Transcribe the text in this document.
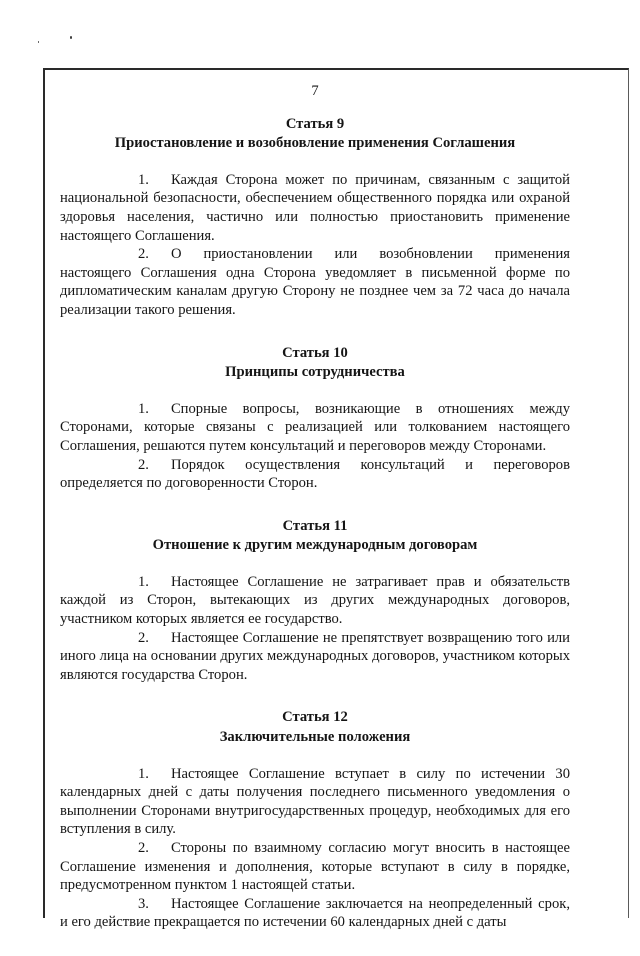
7
Статья 9
Приостановление и возобновление применения Соглашения

1. Каждая Сторона может по причинам, связанным с защитой национальной безопасности, обеспечением общественного порядка или охраной здоровья населения, частично или полностью приостановить применение настоящего Соглашения.

2. О приостановлении или возобновлении применения настоящего Соглашения одна Сторона уведомляет в письменной форме по дипломатическим каналам другую Сторону не позднее чем за 72 часа до начала реализации такого решения.

Статья 10
Принципы сотрудничества

1. Спорные вопросы, возникающие в отношениях между Сторонами, которые связаны с реализацией или толкованием настоящего Соглашения, решаются путем консультаций и переговоров между Сторонами.

2. Порядок осуществления консультаций и переговоров определяется по договоренности Сторон.

Статья 11
Отношение к другим международным договорам

1. Настоящее Соглашение не затрагивает прав и обязательств каждой из Сторон, вытекающих из других международных договоров, участником которых является ее государство.

2. Настоящее Соглашение не препятствует возвращению того или иного лица на основании других международных договоров, участником которых являются государства Сторон.

Статья 12
Заключительные положения

1. Настоящее Соглашение вступает в силу по истечении 30 календарных дней с даты получения последнего письменного уведомления о выполнении Сторонами внутригосударственных процедур, необходимых для его вступления в силу.

2. Стороны по взаимному согласию могут вносить в настоящее Соглашение изменения и дополнения, которые вступают в силу в порядке, предусмотренном пунктом 1 настоящей статьи.

3. Настоящее Соглашение заключается на неопределенный срок, и его действие прекращается по истечении 60 календарных дней с даты
